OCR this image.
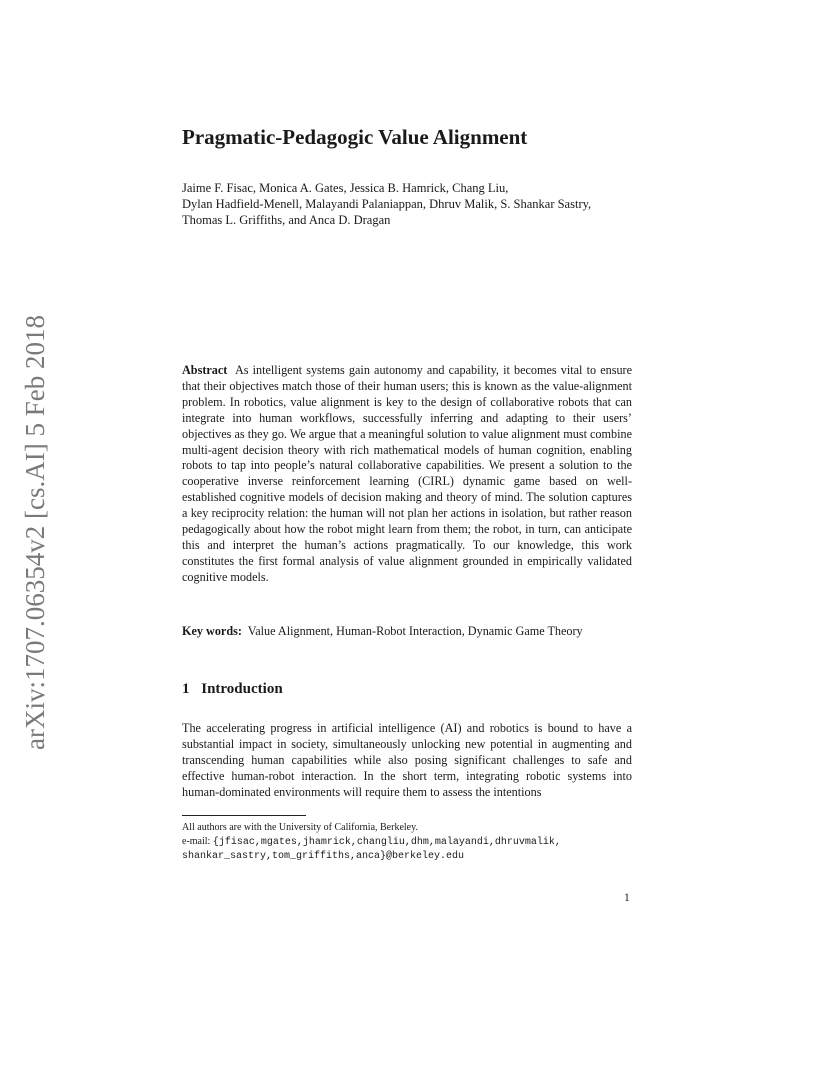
arXiv:1707.06354v2 [cs.AI] 5 Feb 2018
Pragmatic-Pedagogic Value Alignment
Jaime F. Fisac, Monica A. Gates, Jessica B. Hamrick, Chang Liu,
Dylan Hadfield-Menell, Malayandi Palaniappan, Dhruv Malik, S. Shankar Sastry,
Thomas L. Griffiths, and Anca D. Dragan
Abstract As intelligent systems gain autonomy and capability, it becomes vital to ensure that their objectives match those of their human users; this is known as the value-alignment problem. In robotics, value alignment is key to the design of collaborative robots that can integrate into human workflows, successfully inferring and adapting to their users’ objectives as they go. We argue that a meaningful solution to value alignment must combine multi-agent decision theory with rich mathematical models of human cognition, enabling robots to tap into people’s natural collaborative capabilities. We present a solution to the cooperative inverse reinforcement learning (CIRL) dynamic game based on well-established cognitive models of decision making and theory of mind. The solution captures a key reciprocity relation: the human will not plan her actions in isolation, but rather reason pedagogically about how the robot might learn from them; the robot, in turn, can anticipate this and interpret the human’s actions pragmatically. To our knowledge, this work constitutes the first formal analysis of value alignment grounded in empirically validated cognitive models.
Key words: Value Alignment, Human-Robot Interaction, Dynamic Game Theory
1 Introduction
The accelerating progress in artificial intelligence (AI) and robotics is bound to have a substantial impact in society, simultaneously unlocking new potential in augmenting and transcending human capabilities while also posing significant challenges to safe and effective human-robot interaction. In the short term, integrating robotic systems into human-dominated environments will require them to assess the intentions
All authors are with the University of California, Berkeley.
e-mail: {jfisac,mgates,jhamrick,changliu,dhm,malayandi,dhruvmalik, shankar_sastry,tom_griffiths,anca}@berkeley.edu
1
